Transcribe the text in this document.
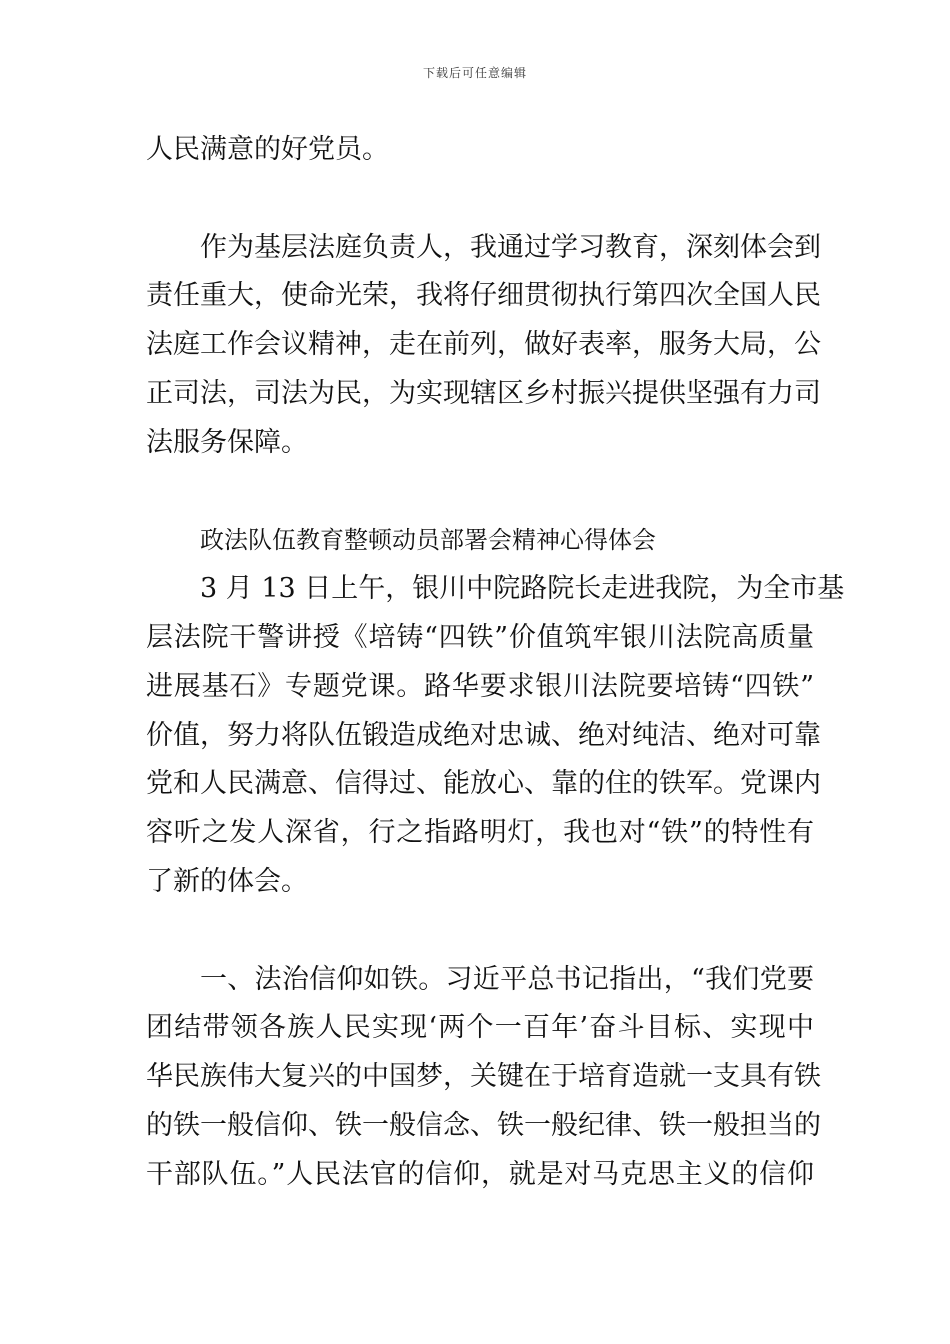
下载后可任意编辑
人民满意的好党员。
作为基层法庭负责人，我通过学习教育，深刻体会到
责任重大，使命光荣，我将仔细贯彻执行第四次全国人民
法庭工作会议精神，走在前列，做好表率，服务大局，公
正司法，司法为民，为实现辖区乡村振兴提供坚强有力司
法服务保障。
政法队伍教育整顿动员部署会精神心得体会
3 月 13 日上午，银川中院路院长走进我院，为全市基
层法院干警讲授《培铸“四铁”价值筑牢银川法院高质量
进展基石》专题党课。路华要求银川法院要培铸“四铁”
价值，努力将队伍锻造成绝对忠诚、绝对纯洁、绝对可靠
党和人民满意、信得过、能放心、靠的住的铁军。党课内
容听之发人深省，行之指路明灯，我也对“铁”的特性有
了新的体会。
一、法治信仰如铁。习近平总书记指出，“我们党要
团结带领各族人民实现‘两个一百年’奋斗目标、实现中
华民族伟大复兴的中国梦，关键在于培育造就一支具有铁
的铁一般信仰、铁一般信念、铁一般纪律、铁一般担当的
干部队伍。”人民法官的信仰，就是对马克思主义的信仰
